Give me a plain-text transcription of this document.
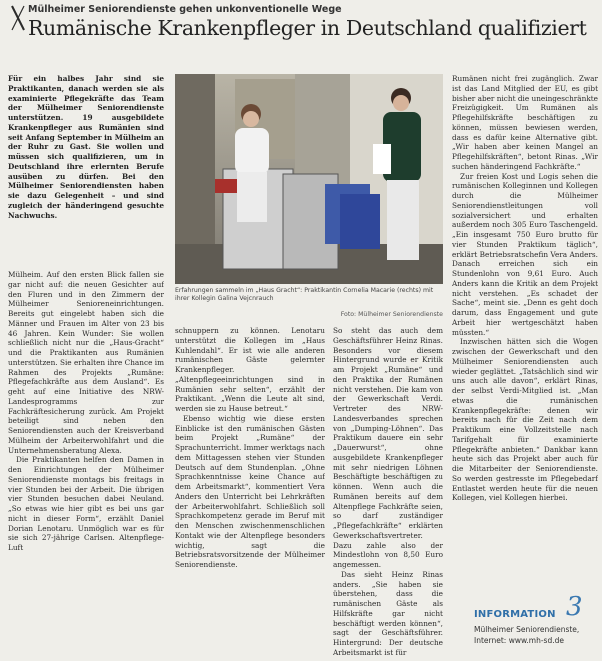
Mülheimer Seniorendienste gehen unkonventionelle Wege
Rumänische Krankenpfleger in Deutschland qualifiziert

Für ein halbes Jahr sind sie Praktikanten, danach werden sie als examinierte Pflegekräfte das Team der Mülheimer Seniorendienste unterstützen. 19 ausgebildete Krankenpfleger aus Rumänien sind seit Anfang September in Mülheim an der Ruhr zu Gast. Sie wollen und müssen sich qualifizieren, um in Deutschland ihre erlernten Berufe ausüben zu dürfen. Bei den Mülheimer Seniorendiensten haben sie dazu Gelegenheit – und sind zugleich der händeringend gesuchte Nachwuchs.

Mülheim. Auf den ersten Blick fallen sie gar nicht auf: die neuen Gesichter auf den Fluren und in den Zimmern der Mülheimer Senioreneinrichtungen. Bereits gut eingelebt haben sich die Männer und Frauen im Alter von 23 bis 46 Jahren. Kein Wunder: Sie wollen schließlich nicht nur die „Haus-Gracht“ und die Praktikanten aus Rumänien unterstützen. Sie erhalten ihre Chance im Rahmen des Projekts „Rumäne: Pflegefachkräfte aus dem Ausland“. Es geht auf eine Initiative des NRW-Landesprogramms zur Fachkräftesicherung zurück. Am Projekt beteiligt sind neben den Seniorendiensten auch der Kreisverband Mülheim der Arbeiterwohlfahrt und die Unternehmensberatung Alexa.

Die Praktikanten helfen den Damen in den Einrichtungen der Mülheimer Seniorendienste montags bis freitags in vier Stunden bei der Arbeit. Die übrigen vier Stunden besuchen dabei Neuland. „So etwas wie hier gibt es bei uns gar nicht in dieser Form“, erzählt Daniel Dorian Lenotaru. Unmöglich war es für sie sich 27-jährige Carlsen. Altenpflege-Luft

Erfahrungen sammeln im „Haus Gracht“: Praktikantin Cornelia Macarie (rechts) mit ihrer Kollegin Galina Vejcnrauch
Foto: Mülheimer Seniorendienste

schnuppern zu können. Lenotaru unterstützt die Kollegen im „Haus Kuhlendahl“. Er ist wie alle anderen rumänischen Gäste gelernter Krankenpfleger. „Altenpflegeeinrichtungen sind in Rumänien sehr selten“, erzählt der Praktikant. „Wenn die Leute alt sind, werden sie zu Hause betreut.“

Ebenso wichtig wie diese ersten Einblicke ist den rumänischen Gästen beim Projekt „Rumäne“ der Sprachunterricht. Immer werktags nach dem Mittagessen stehen vier Stunden Deutsch auf dem Stundenplan. „Ohne Sprachkenntnisse keine Chance auf dem Arbeitsmarkt“, kommentiert Vera Anders den Unterricht bei Lehrkräften der Arbeiterwohlfahrt. Schließlich soll Sprachkompetenz gerade im Beruf mit den Menschen zwischenmenschlichen Kontakt wie der Altenpflege besonders wichtig, sagt die Betriebsratsvorsitzende der Mülheimer Seniorendienste.

So steht das auch dem Geschäftsführer Heinz Rinas. Besonders vor diesem Hintergrund wurde er Kritik am Projekt „Rumäne“ und den Praktika der Rumänen nicht verstehen. Die kam von der Gewerkschaft Verdi. Vertreter des NRW-Landesverbandes sprechen von „Dumping-Löhnen“. Das Praktikum dauere ein sehr „Dauerwurst“, ohne ausgebildete Krankenpfleger mit sehr niedrigen Löhnen Beschäftigte beschäftigen zu können. Wenn auch die Rumänen bereits auf dem Altenpflege Fachkräfte seien, so darf zuständiger „Pflegefachkräfte“ erklärten Gewerkschaftsvertreter. Dazu zahle also der Mindestlohn von 8,50 Euro angemessen.

Das sieht Heinz Rinas anders. „Sie haben sie überstehen, dass die rumänischen Gäste als Hilfskräfte gar nicht beschäftigt werden können“, sagt der Geschäftsführer. Hintergrund: Der deutsche Arbeitsmarkt ist für

Rumänen nicht frei zugänglich. Zwar ist das Land Mitglied der EU, es gibt bisher aber nicht die uneingeschränkte Freizügigkeit. Um Rumänen als Pflegehilfskräfte beschäftigen zu können, müssen bewiesen werden, dass es dafür keine Alternative gibt. „Wir haben aber keinen Mangel an Pflegehilfskräften“, betont Rinas. „Wir suchen händeringend Fachkräfte.“

Zur freien Kost und Logis sehen die rumänischen Kolleginnen und Kollegen durch die Mülheimer Seniorendienstleitungen voll sozialversichert und erhalten außerdem noch 305 Euro Taschengeld. „Ein insgesamt 750 Euro brutto für vier Stunden Praktikum täglich“, erklärt Betriebsratschefin Vera Anders. Danach erreichen sich ein Stundenlohn von 9,61 Euro. Auch Anders kann die Kritik an dem Projekt nicht verstehen. „Es schadet der Sache“, meint sie. „Denn es geht doch darum, dass Engagement und gute Arbeit hier wertgeschätzt haben müssten.“

Inzwischen hätten sich die Wogen zwischen der Gewerkschaft und den Mülheimer Seniorendiensten auch wieder geglättet. „Tatsächlich sind wir uns auch alle davon“, erklärt Rinas, der selbst Verdi-Mitglied ist. „Man etwas die rumänischen Krankenpflegekräfte: denen wir bereits nach für die Zeit nach dem Praktikum eine Vollzeitstelle nach Tarifgehalt für examinierte Pflegekräfte anbieten.“ Dankbar kann heute sich das Projekt aber auch für die Mitarbeiter der Seniorendienste. So werden gestresste im Pflegebedarf Entlastet werden heute für die neuen Kollegen, viel Kollegen hierbei.

INFORMATION 3
Mülheimer Seniorendienste,
Internet: www.mh-sd.de
